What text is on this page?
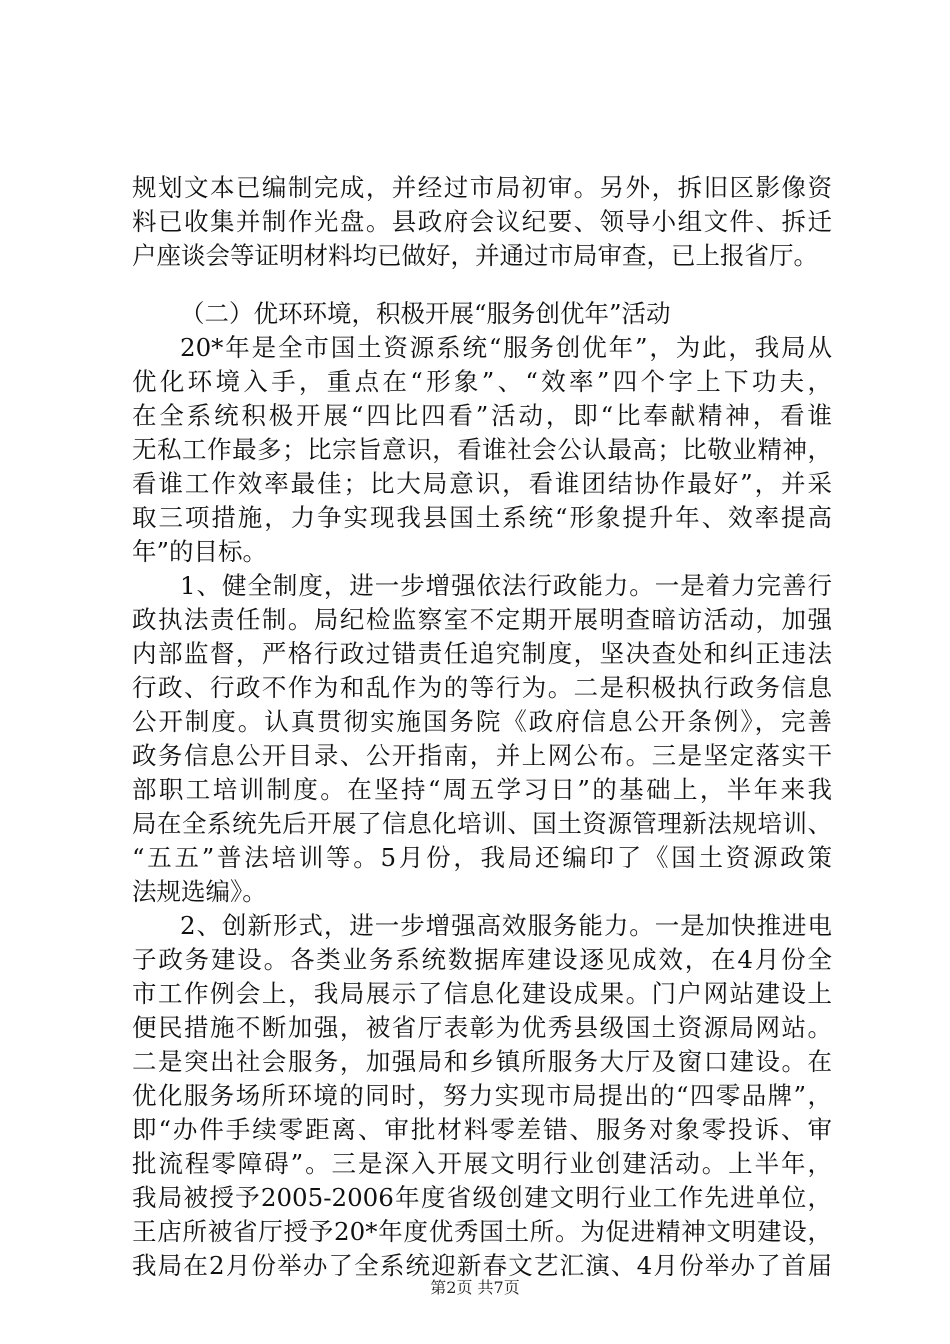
规划文本已编制完成，并经过市局初审。另外，拆旧区影像资
料已收集并制作光盘。县政府会议纪要、领导小组文件、拆迁
户座谈会等证明材料均已做好，并通过市局审查，已上报省厅。
（二）优环环境，积极开展“服务创优年”活动
20*年是全市国土资源系统“服务创优年”，为此，我局从
优化环境入手，重点在“形象”、“效率”四个字上下功夫，
在全系统积极开展“四比四看”活动，即“比奉献精神，看谁
无私工作最多；比宗旨意识，看谁社会公认最高；比敬业精神，
看谁工作效率最佳；比大局意识，看谁团结协作最好”，并采
取三项措施，力争实现我县国土系统“形象提升年、效率提高
年”的目标。
1、健全制度，进一步增强依法行政能力。一是着力完善行
政执法责任制。局纪检监察室不定期开展明查暗访活动，加强
内部监督，严格行政过错责任追究制度，坚决查处和纠正违法
行政、行政不作为和乱作为的等行为。二是积极执行政务信息
公开制度。认真贯彻实施国务院《政府信息公开条例》，完善
政务信息公开目录、公开指南，并上网公布。三是坚定落实干
部职工培训制度。在坚持“周五学习日”的基础上，半年来我
局在全系统先后开展了信息化培训、国土资源管理新法规培训、
“五五”普法培训等。5月份，我局还编印了《国土资源政策
法规选编》。
2、创新形式，进一步增强高效服务能力。一是加快推进电
子政务建设。各类业务系统数据库建设逐见成效，在4月份全
市工作例会上，我局展示了信息化建设成果。门户网站建设上
便民措施不断加强，被省厅表彰为优秀县级国土资源局网站。
二是突出社会服务，加强局和乡镇所服务大厅及窗口建设。在
优化服务场所环境的同时，努力实现市局提出的“四零品牌”，
即“办件手续零距离、审批材料零差错、服务对象零投诉、审
批流程零障碍”。三是深入开展文明行业创建活动。上半年，
我局被授予2005-2006年度省级创建文明行业工作先进单位，
王店所被省厅授予20*年度优秀国土所。为促进精神文明建设，
我局在2月份举办了全系统迎新春文艺汇演、4月份举办了首届
第2页 共7页
